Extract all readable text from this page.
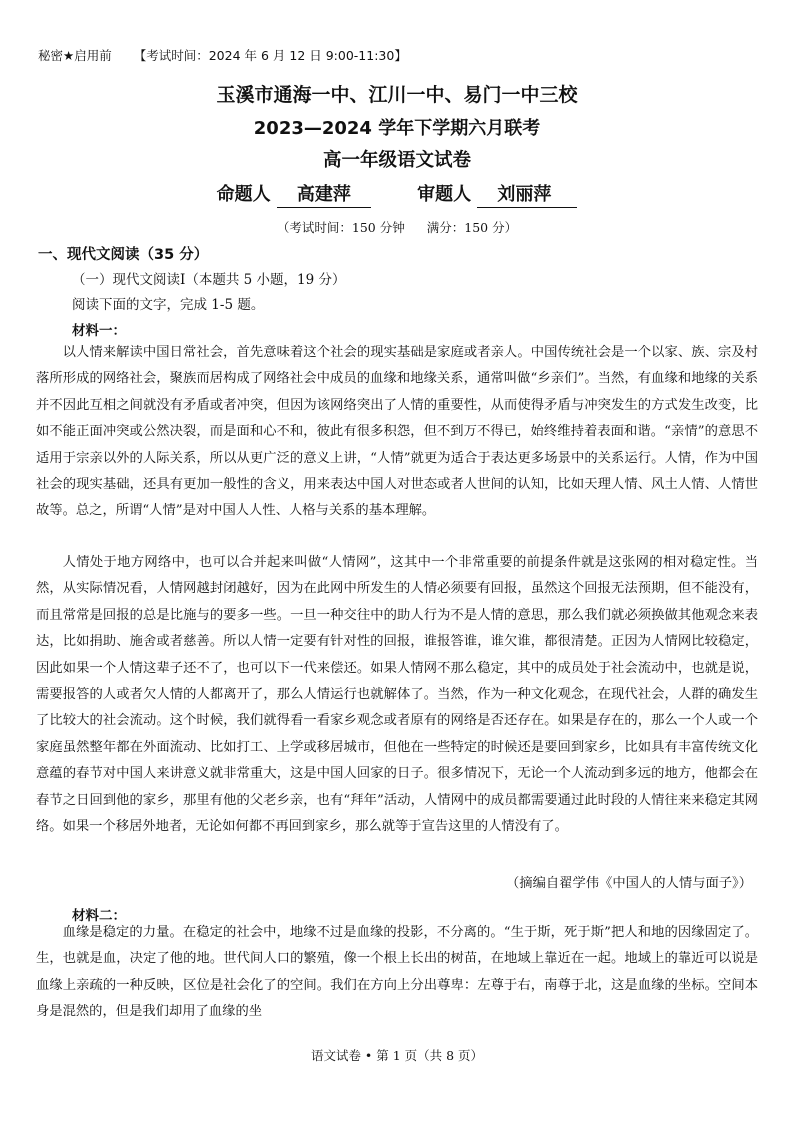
秘密★启用前 【考试时间：2024 年 6 月 12 日 9:00-11:30】
玉溪市通海一中、江川一中、易门一中三校
2023—2024 学年下学期六月联考
高一年级语文试卷
命题人 高建萍	审题人 刘丽萍
（考试时间：150 分钟 满分：150 分）
一、现代文阅读（35 分）
（一）现代文阅读Ⅰ（本题共 5 小题，19 分）
阅读下面的文字，完成 1-5 题。
材料一：

以人情来解读中国日常社会，首先意味着这个社会的现实基础是家庭或者亲人。中国传统社会是一个以家、族、宗及村落所形成的网络社会，聚族而居构成了网络社会中成员的血缘和地缘关系，通常叫做“乡亲们”。当然，有血缘和地缘的关系并不因此互相之间就没有矛盾或者冲突，但因为该网络突出了人情的重要性，从而使得矛盾与冲突发生的方式发生改变，比如不能正面冲突或公然决裂，而是面和心不和，彼此有很多积怨，但不到万不得已，始终维持着表面和谐。“亲情”的意思不适用于宗亲以外的人际关系，所以从更广泛的意义上讲，“人情”就更为适合于表达更多场景中的关系运行。人情，作为中国社会的现实基础，还具有更加一般性的含义，用来表达中国人对世态或者人世间的认知，比如天理人情、风土人情、人情世故等。总之，所谓“人情”是对中国人人性、人格与关系的基本理解。

人情处于地方网络中，也可以合并起来叫做“人情网”，这其中一个非常重要的前提条件就是这张网的相对稳定性。当然，从实际情况看，人情网越封闭越好，因为在此网中所发生的人情必须要有回报，虽然这个回报无法预期，但不能没有，而且常常是回报的总是比施与的要多一些。一旦一种交往中的助人行为不是人情的意思，那么我们就必须换做其他观念来表达，比如捐助、施舍或者慈善。所以人情一定要有针对性的回报，谁报答谁，谁欠谁，都很清楚。正因为人情网比较稳定，因此如果一个人情这辈子还不了，也可以下一代来偿还。如果人情网不那么稳定，其中的成员处于社会流动中，也就是说，需要报答的人或者欠人情的人都离开了，那么人情运行也就解体了。当然，作为一种文化观念，在现代社会，人群的确发生了比较大的社会流动。这个时候，我们就得看一看家乡观念或者原有的网络是否还存在。如果是存在的，那么一个人或一个家庭虽然整年都在外面流动、比如打工、上学或移居城市，但他在一些特定的时候还是要回到家乡，比如具有丰富传统文化意蕴的春节对中国人来讲意义就非常重大，这是中国人回家的日子。很多情况下，无论一个人流动到多远的地方，他都会在春节之日回到他的家乡，那里有他的父老乡亲，也有“拜年”活动，人情网中的成员都需要通过此时段的人情往来来稳定其网络。如果一个移居外地者，无论如何都不再回到家乡，那么就等于宣告这里的人情没有了。

（摘编自翟学伟《中国人的人情与面子》）
材料二：

血缘是稳定的力量。在稳定的社会中，地缘不过是血缘的投影，不分离的。“生于斯，死于斯”把人和地的因缘固定了。生，也就是血，决定了他的地。世代间人口的繁殖，像一个根上长出的树苗，在地域上靠近在一起。地域上的靠近可以说是血缘上亲疏的一种反映，区位是社会化了的空间。我们在方向上分出尊卑：左尊于右，南尊于北，这是血缘的坐标。空间本身是混然的，但是我们却用了血缘的坐

语文试卷 • 第 1 页（共 8 页）
